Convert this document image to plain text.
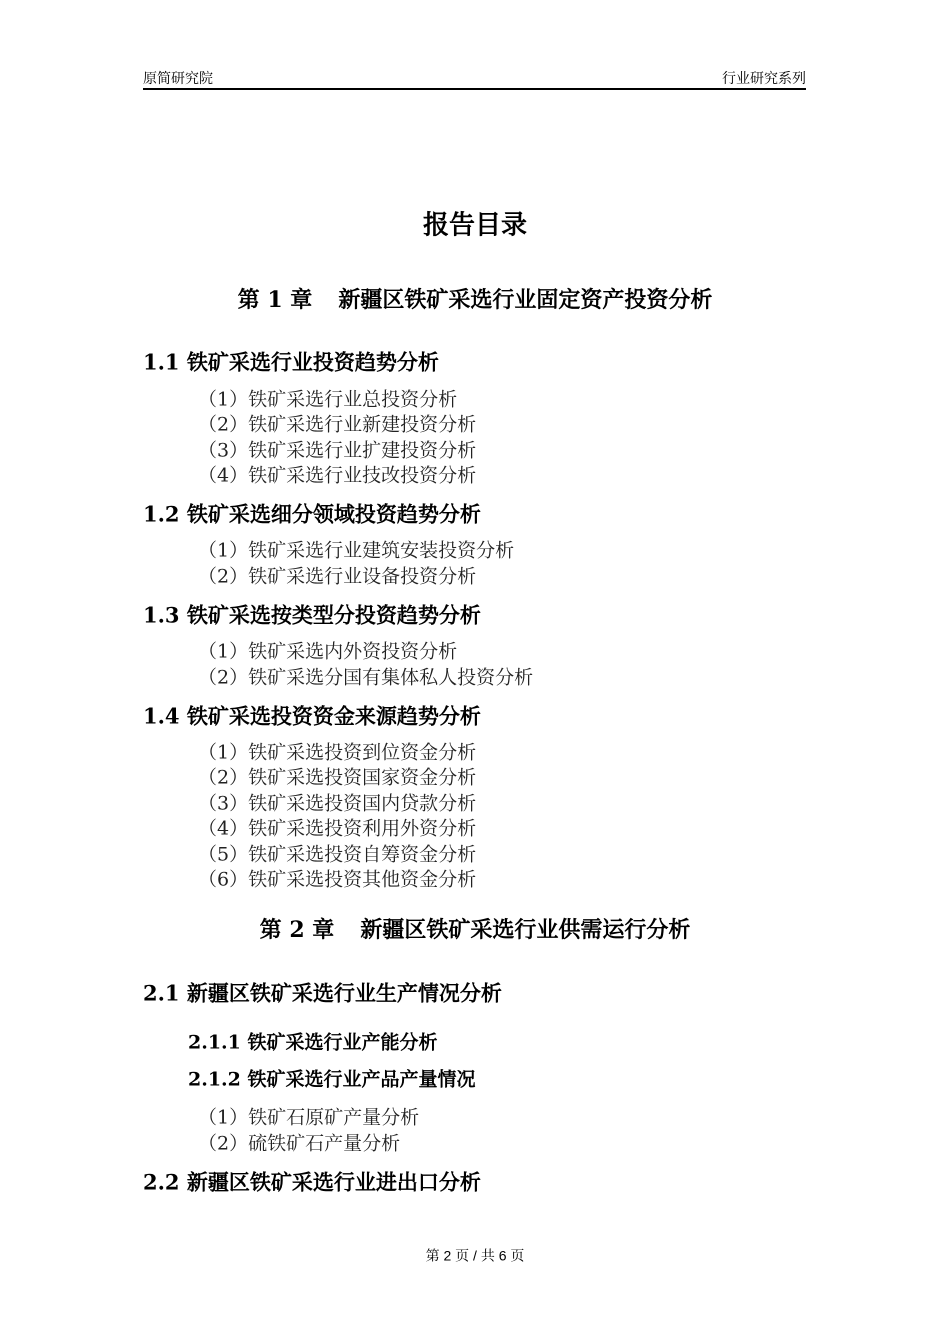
原简研究院	行业研究系列
报告目录
第 1 章 新疆区铁矿采选行业固定资产投资分析
1.1 铁矿采选行业投资趋势分析
（1）铁矿采选行业总投资分析
（2）铁矿采选行业新建投资分析
（3）铁矿采选行业扩建投资分析
（4）铁矿采选行业技改投资分析
1.2 铁矿采选细分领域投资趋势分析
（1）铁矿采选行业建筑安装投资分析
（2）铁矿采选行业设备投资分析
1.3 铁矿采选按类型分投资趋势分析
（1）铁矿采选内外资投资分析
（2）铁矿采选分国有集体私人投资分析
1.4 铁矿采选投资资金来源趋势分析
（1）铁矿采选投资到位资金分析
（2）铁矿采选投资国家资金分析
（3）铁矿采选投资国内贷款分析
（4）铁矿采选投资利用外资分析
（5）铁矿采选投资自筹资金分析
（6）铁矿采选投资其他资金分析
第 2 章 新疆区铁矿采选行业供需运行分析
2.1 新疆区铁矿采选行业生产情况分析
2.1.1 铁矿采选行业产能分析
2.1.2 铁矿采选行业产品产量情况
（1）铁矿石原矿产量分析
（2）硫铁矿石产量分析
2.2 新疆区铁矿采选行业进出口分析
第 2 页 / 共 6 页
